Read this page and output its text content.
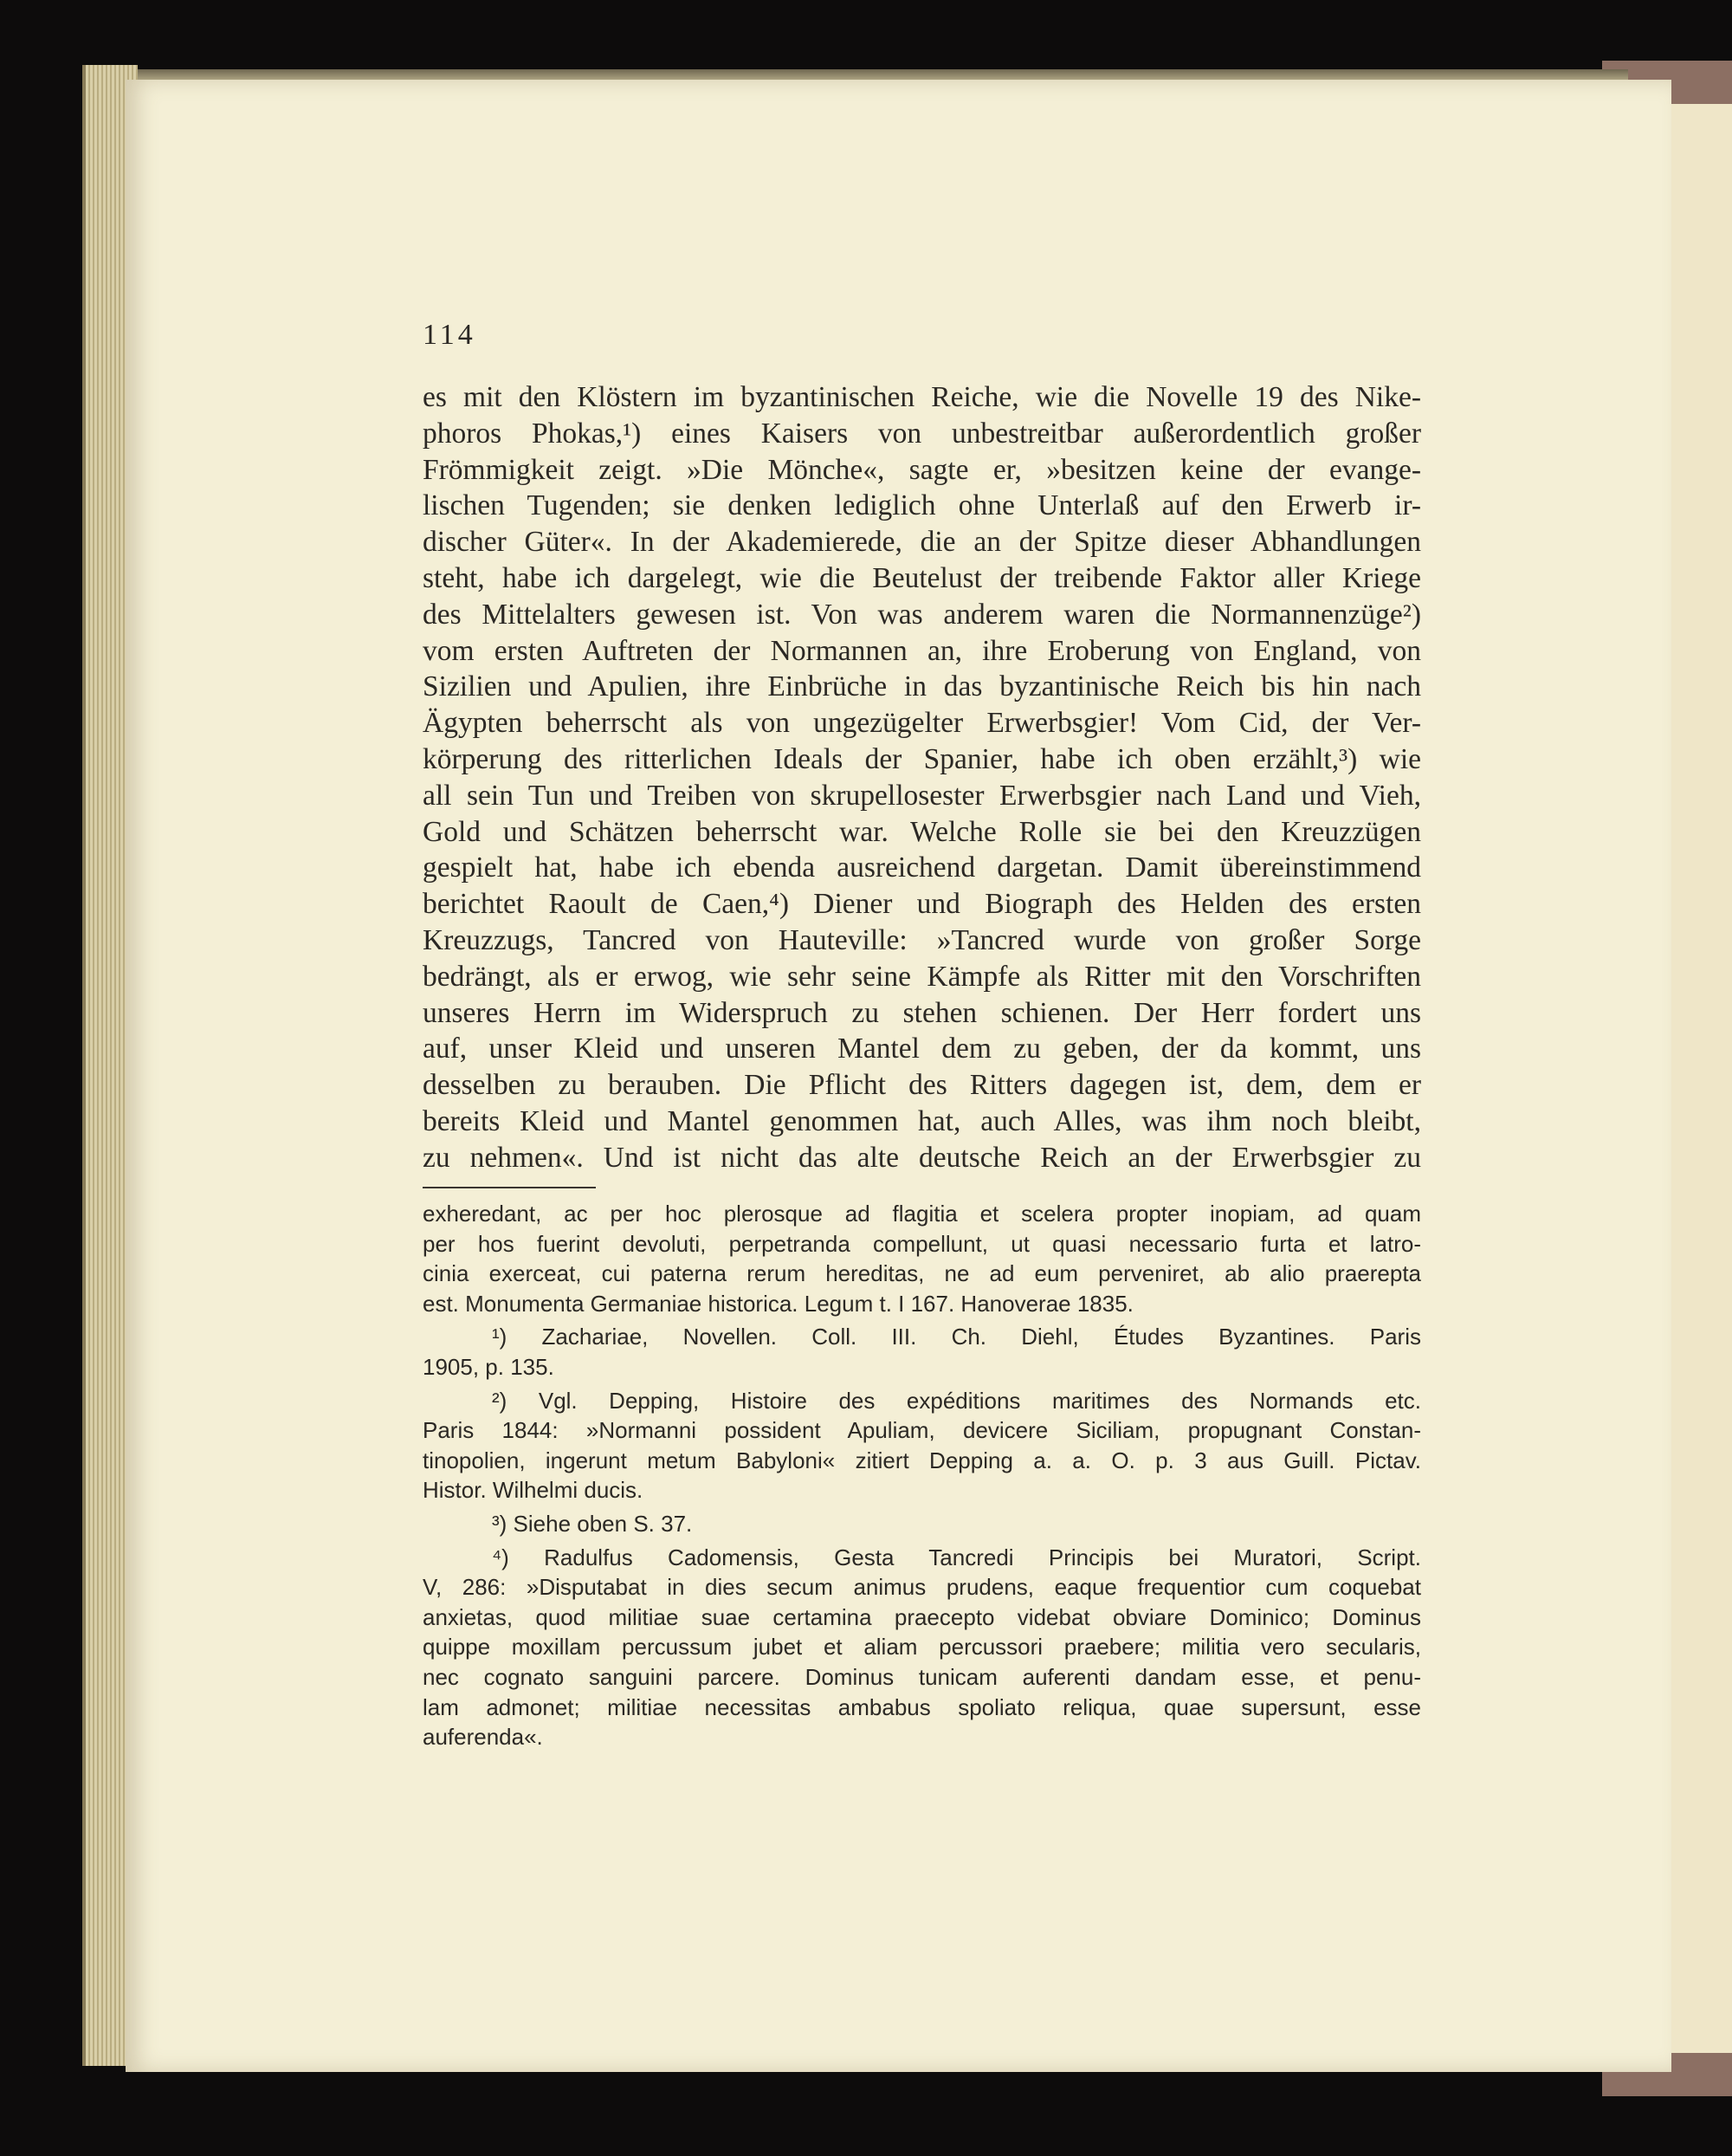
114
es mit den Klöstern im byzantinischen Reiche, wie die Novelle 19 des Nike-
phoros Phokas,¹) eines Kaisers von unbestreitbar außerordentlich großer
Frömmigkeit zeigt. »Die Mönche«, sagte er, »besitzen keine der evange-
lischen Tugenden; sie denken lediglich ohne Unterlaß auf den Erwerb ir-
discher Güter«. In der Akademierede, die an der Spitze dieser Abhandlungen
steht, habe ich dargelegt, wie die Beutelust der treibende Faktor aller Kriege
des Mittelalters gewesen ist. Von was anderem waren die Normannenzüge²)
vom ersten Auftreten der Normannen an, ihre Eroberung von England, von
Sizilien und Apulien, ihre Einbrüche in das byzantinische Reich bis hin nach
Ägypten beherrscht als von ungezügelter Erwerbsgier! Vom Cid, der Ver-
körperung des ritterlichen Ideals der Spanier, habe ich oben erzählt,³) wie
all sein Tun und Treiben von skrupellosester Erwerbsgier nach Land und Vieh,
Gold und Schätzen beherrscht war. Welche Rolle sie bei den Kreuzzügen
gespielt hat, habe ich ebenda ausreichend dargetan. Damit übereinstimmend
berichtet Raoult de Caen,⁴) Diener und Biograph des Helden des ersten
Kreuzzugs, Tancred von Hauteville: »Tancred wurde von großer Sorge
bedrängt, als er erwog, wie sehr seine Kämpfe als Ritter mit den Vorschriften
unseres Herrn im Widerspruch zu stehen schienen. Der Herr fordert uns
auf, unser Kleid und unseren Mantel dem zu geben, der da kommt, uns
desselben zu berauben. Die Pflicht des Ritters dagegen ist, dem, dem er
bereits Kleid und Mantel genommen hat, auch Alles, was ihm noch bleibt,
zu nehmen«. Und ist nicht das alte deutsche Reich an der Erwerbsgier zu
exheredant, ac per hoc plerosque ad flagitia et scelera propter inopiam, ad quam
per hos fuerint devoluti, perpetranda compellunt, ut quasi necessario furta et latro-
cinia exerceat, cui paterna rerum hereditas, ne ad eum perveniret, ab alio praerepta
est. Monumenta Germaniae historica. Legum t. I 167. Hanoverae 1835.
¹) Zachariae, Novellen. Coll. III. Ch. Diehl, Études Byzantines. Paris
1905, p. 135.
²) Vgl. Depping, Histoire des expéditions maritimes des Normands etc.
Paris 1844: »Normanni possident Apuliam, devicere Siciliam, propugnant Constan-
tinopolien, ingerunt metum Babyloni« zitiert Depping a. a. O. p. 3 aus Guill. Pictav.
Histor. Wilhelmi ducis.
³) Siehe oben S. 37.
⁴) Radulfus Cadomensis, Gesta Tancredi Principis bei Muratori, Script.
V, 286: »Disputabat in dies secum animus prudens, eaque frequentior cum coquebat
anxietas, quod militiae suae certamina praecepto videbat obviare Dominico; Dominus
quippe moxillam percussum jubet et aliam percussori praebere; militia vero secularis,
nec cognato sanguini parcere. Dominus tunicam auferenti dandam esse, et penu-
lam admonet; militiae necessitas ambabus spoliato reliqua, quae supersunt, esse
auferenda«.
